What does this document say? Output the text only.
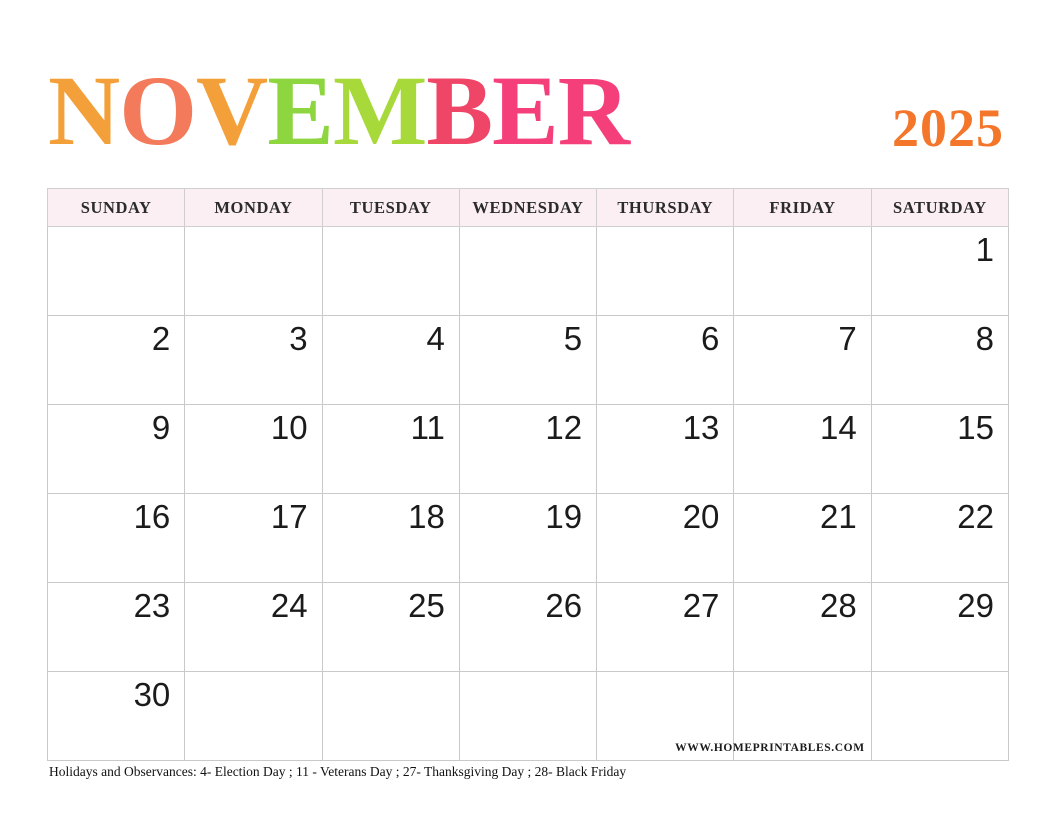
NOVEMBER	2025
SUNDAY	MONDAY	TUESDAY	WEDNESDAY	THURSDAY	FRIDAY	SATURDAY

						1

2	3	4	5	6	7	8

9	10	11	12	13	14	15

16	17	18	19	20	21	22

23	24	25	26	27	28	29

30					WWW.HOMEPRINTABLES.COM	

Holidays and Observances: 4- Election Day ; 11 - Veterans Day ; 27- Thanksgiving Day ; 28- Black Friday
